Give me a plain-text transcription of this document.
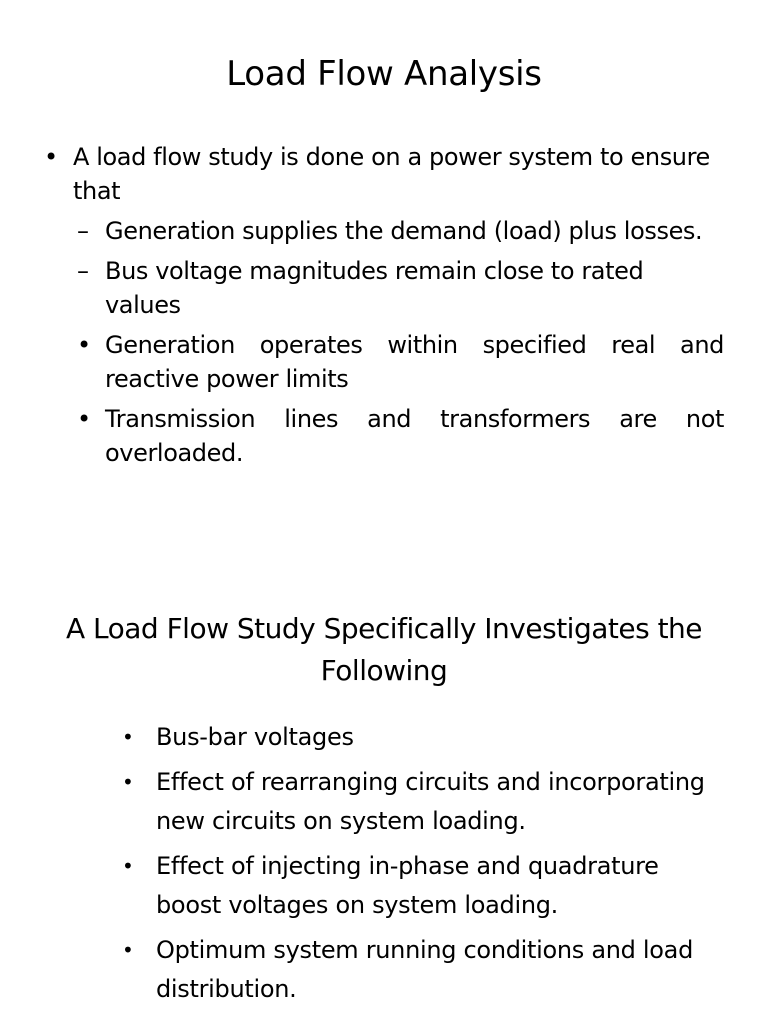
Load Flow Analysis
• A load flow study is done on a power system to ensure that
– Generation supplies the demand (load) plus losses.
– Bus voltage magnitudes remain close to rated values
• Generation operates within specified real and reactive power limits
• Transmission lines and transformers are not overloaded.
A Load Flow Study Specifically Investigates the Following
• Bus-bar voltages
• Effect of rearranging circuits and incorporating new circuits on system loading.
• Effect of injecting in-phase and quadrature boost voltages on system loading.
• Optimum system running conditions and load distribution.
